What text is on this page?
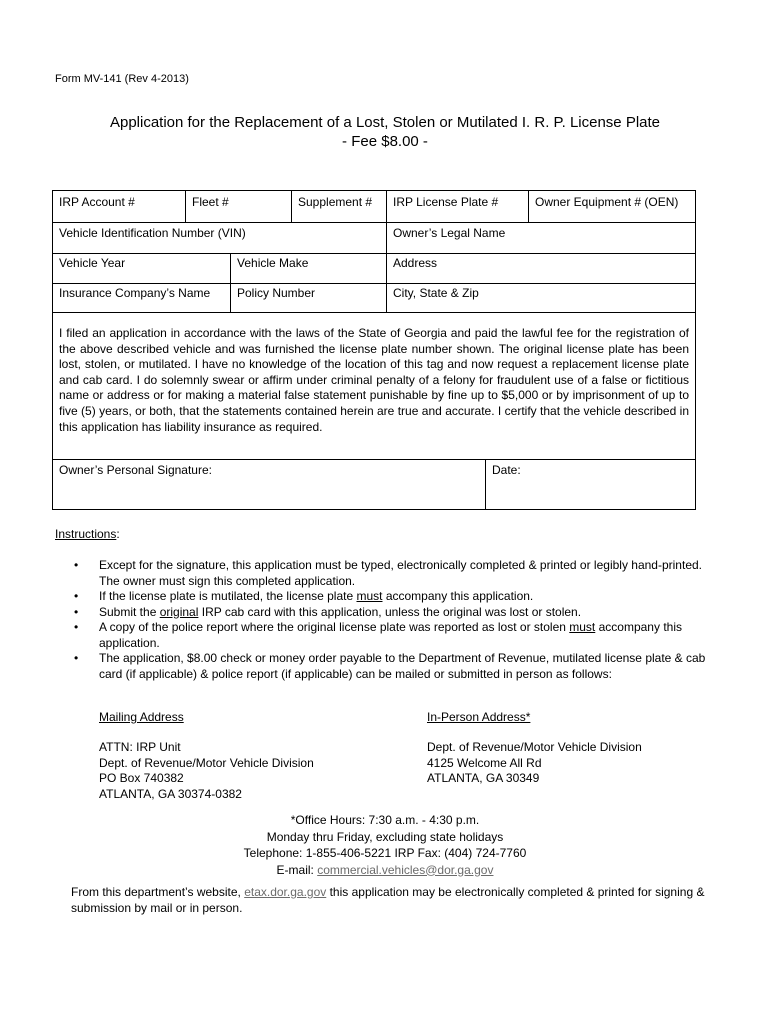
Form MV-141 (Rev 4-2013)
Application for the Replacement of a Lost, Stolen or Mutilated I. R. P. License Plate
- Fee $8.00 -
IRP Account #	Fleet #	Supplement #	IRP License Plate #	Owner Equipment # (OEN)
Vehicle Identification Number (VIN)	Owner’s Legal Name
Vehicle Year	Vehicle Make	Address
Insurance Company’s Name	Policy Number	City, State & Zip
I filed an application in accordance with the laws of the State of Georgia and paid the lawful fee for the registration of the above described vehicle and was furnished the license plate number shown. The original license plate has been lost, stolen, or mutilated. I have no knowledge of the location of this tag and now request a replacement license plate and cab card. I do solemnly swear or affirm under criminal penalty of a felony for fraudulent use of a false or fictitious name or address or for making a material false statement punishable by fine up to $5,000 or by imprisonment of up to five (5) years, or both, that the statements contained herein are true and accurate. I certify that the vehicle described in this application has liability insurance as required.
Owner’s Personal Signature:	Date:
Instructions:

• Except for the signature, this application must be typed, electronically completed & printed or legibly hand-printed. The owner must sign this completed application.

• If the license plate is mutilated, the license plate must accompany this application.

• Submit the original IRP cab card with this application, unless the original was lost or stolen.

• A copy of the police report where the original license plate was reported as lost or stolen must accompany this application.

• The application, $8.00 check or money order payable to the Department of Revenue, mutilated license plate & cab card (if applicable) & police report (if applicable) can be mailed or submitted in person as follows:

Mailing Address
ATTN: IRP Unit
Dept. of Revenue/Motor Vehicle Division
PO Box 740382
ATLANTA, GA 30374-0382
In-Person Address*
Dept. of Revenue/Motor Vehicle Division
4125 Welcome All Rd
ATLANTA, GA 30349
*Office Hours: 7:30 a.m. - 4:30 p.m.
Monday thru Friday, excluding state holidays
Telephone: 1-855-406-5221 IRP Fax: (404) 724-7760
E-mail: commercial.vehicles@dor.ga.gov
From this department’s website, etax.dor.ga.gov this application may be electronically completed & printed for signing & submission by mail or in person.
